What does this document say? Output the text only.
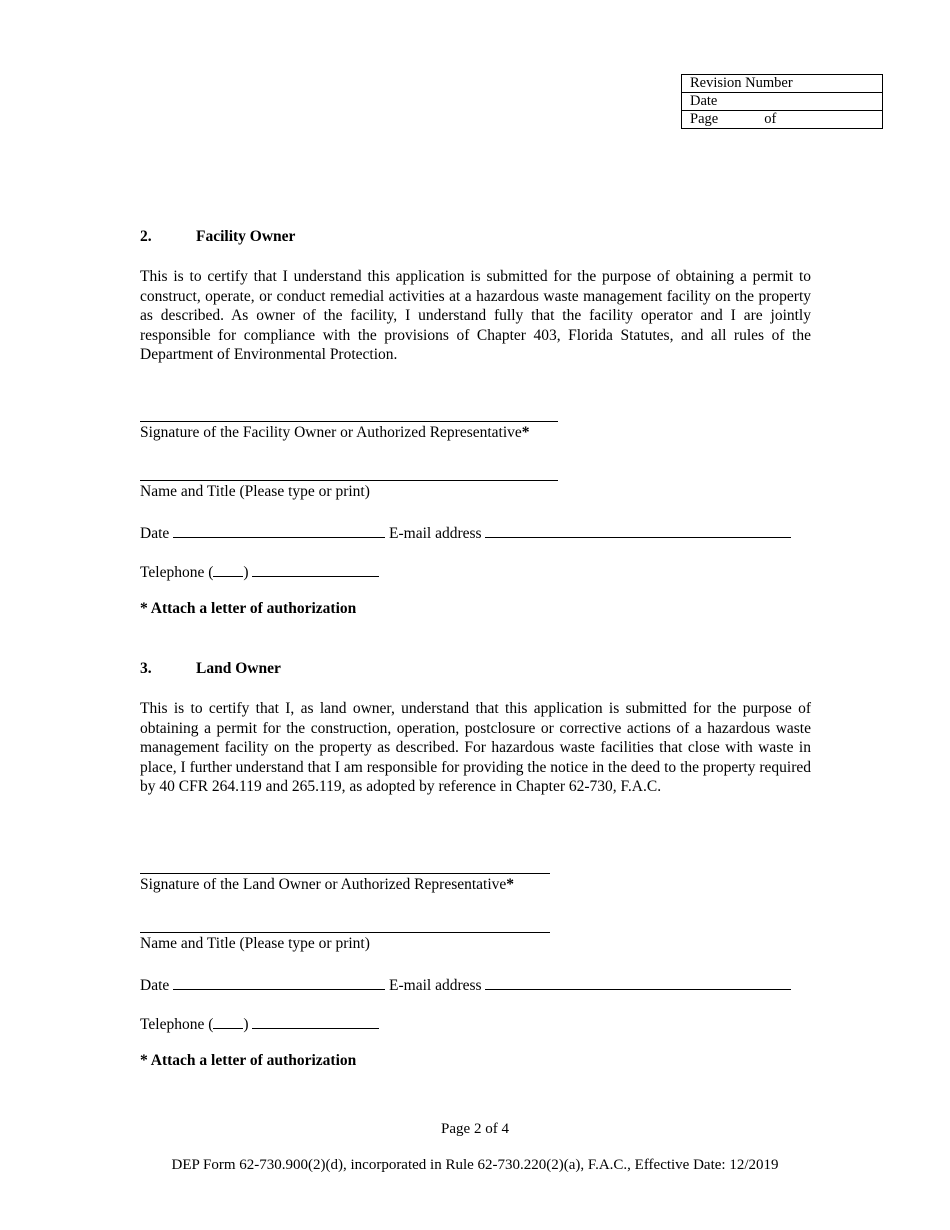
Revision Number
Date
Page	of
2.	Facility Owner
This is to certify that I understand this application is submitted for the purpose of obtaining a permit to construct, operate, or conduct remedial activities at a hazardous waste management facility on the property as described. As owner of the facility, I understand fully that the facility operator and I are jointly responsible for compliance with the provisions of Chapter 403, Florida Statutes, and all rules of the Department of Environmental Protection.
Signature of the Facility Owner or Authorized Representative*
Name and Title (Please type or print)
Date	E-mail address
Telephone ( )
* Attach a letter of authorization
3.	Land Owner
This is to certify that I, as land owner, understand that this application is submitted for the purpose of obtaining a permit for the construction, operation, postclosure or corrective actions of a hazardous waste management facility on the property as described. For hazardous waste facilities that close with waste in place, I further understand that I am responsible for providing the notice in the deed to the property required by 40 CFR 264.119 and 265.119, as adopted by reference in Chapter 62-730, F.A.C.
Signature of the Land Owner or Authorized Representative*
Name and Title (Please type or print)
Date	E-mail address
Telephone ( )
* Attach a letter of authorization
Page 2 of 4
DEP Form 62-730.900(2)(d), incorporated in Rule 62-730.220(2)(a), F.A.C., Effective Date: 12/2019
